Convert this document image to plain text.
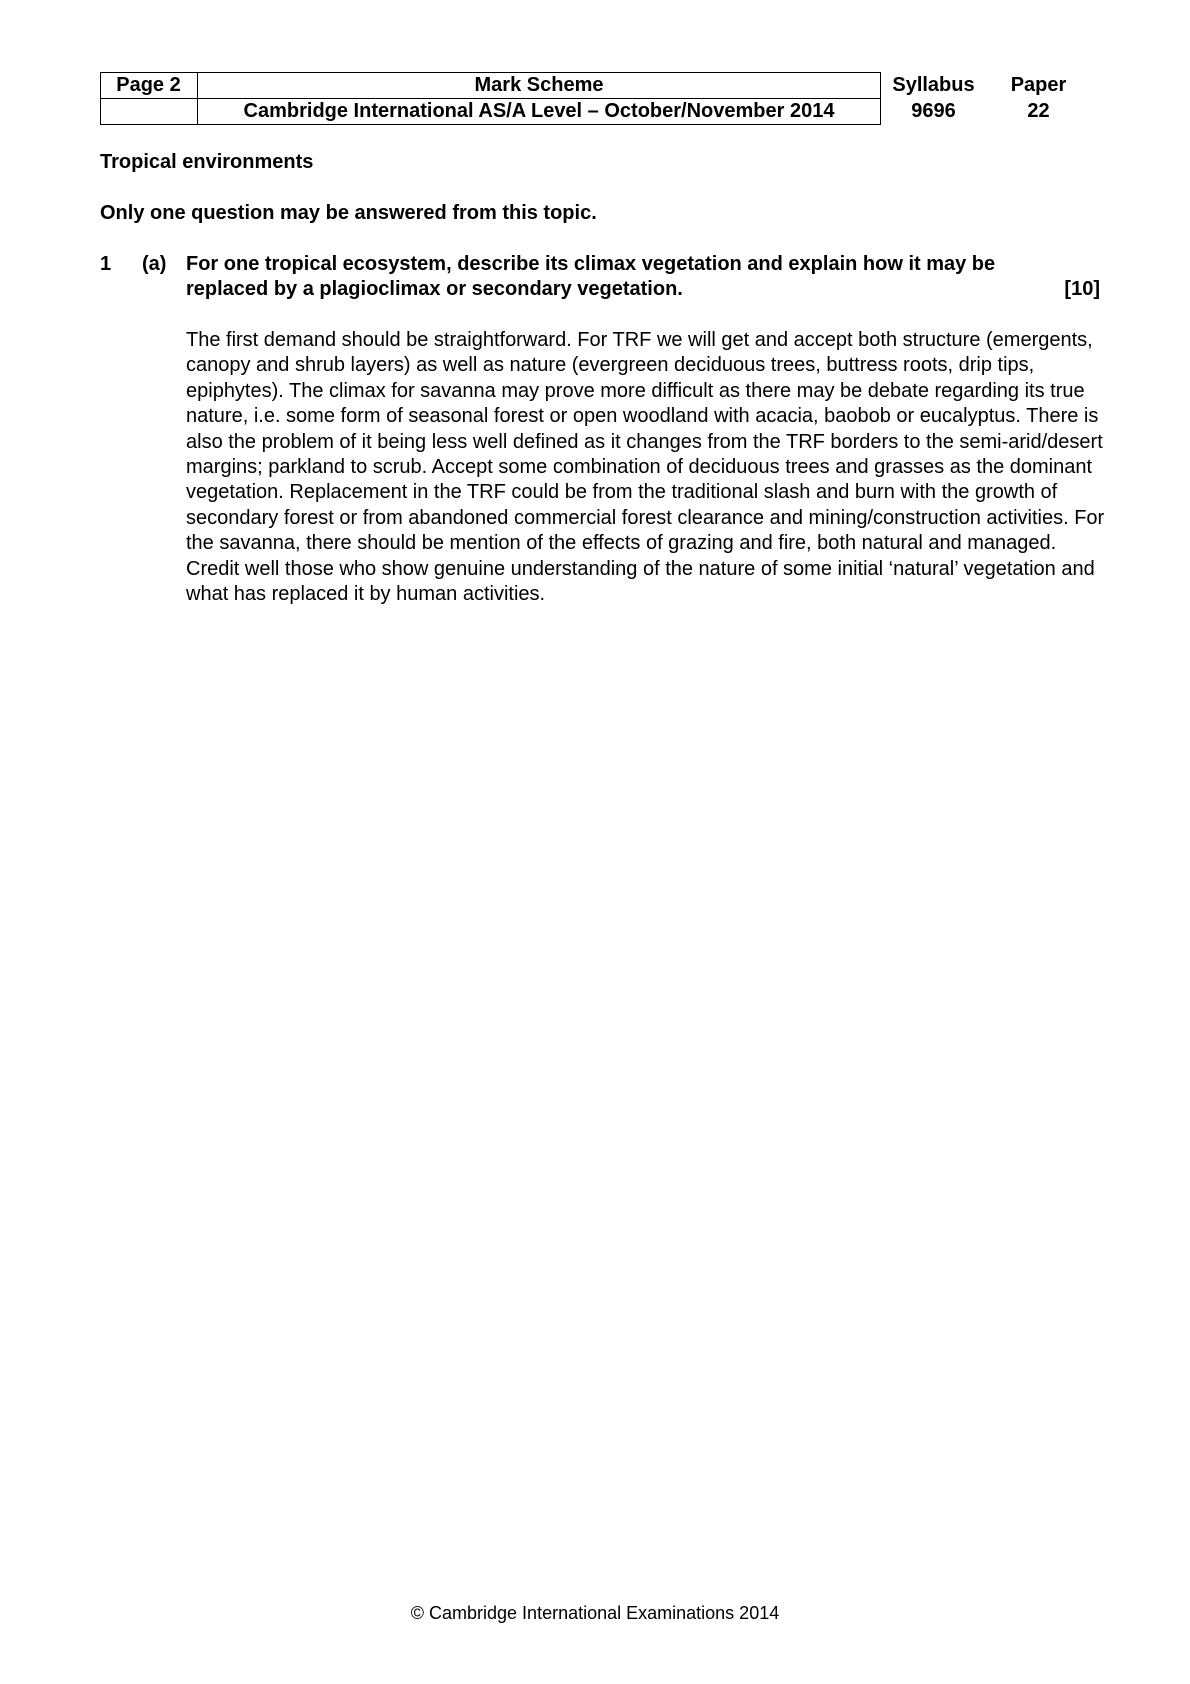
Page 2	Mark Scheme
Cambridge International AS/A Level – October/November 2014
Syllabus
9696
Paper
22
Tropical environments
Only one question may be answered from this topic.
1 (a) For one tropical ecosystem, describe its climax vegetation and explain how it may be
replaced by a plagioclimax or secondary vegetation.	[10]
The first demand should be straightforward. For TRF we will get and accept both structure (emergents, canopy and shrub layers) as well as nature (evergreen deciduous trees, buttress roots, drip tips, epiphytes). The climax for savanna may prove more difficult as there may be debate regarding its true nature, i.e. some form of seasonal forest or open woodland with acacia, baobob or eucalyptus. There is also the problem of it being less well defined as it changes from the TRF borders to the semi-arid/desert margins; parkland to scrub. Accept some combination of deciduous trees and grasses as the dominant vegetation. Replacement in the TRF could be from the traditional slash and burn with the growth of secondary forest or from abandoned commercial forest clearance and mining/construction activities. For the savanna, there should be mention of the effects of grazing and fire, both natural and managed. Credit well those who show genuine understanding of the nature of some initial ‘natural’ vegetation and what has replaced it by human activities.
© Cambridge International Examinations 2014
